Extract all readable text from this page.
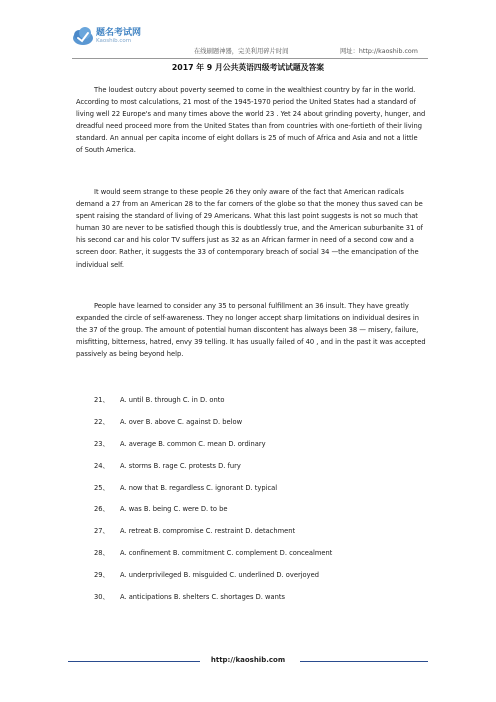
题名考试网
Kaoshib.com
在线刷题神器，完美利用碎片时间	网址：http://kaoshib.com
2017 年 9 月公共英语四级考试试题及答案

The loudest outcry about poverty seemed to come in the wealthiest country by far in the world. According to most calculations, 21 most of the 1945-1970 period the United States had a standard of living well 22 Europe's and many times above the world 23 . Yet 24 about grinding poverty, hunger, and dreadful need proceed more from the United States than from countries with one-fortieth of their living standard. An annual per capita income of eight dollars is 25 of much of Africa and Asia and not a little of South America.

It would seem strange to these people 26 they only aware of the fact that American radicals demand a 27 from an American 28 to the far corners of the globe so that the money thus saved can be spent raising the standard of living of 29 Americans. What this last point suggests is not so much that human 30 are never to be satisfied though this is doubtlessly true, and the American suburbanite 31 of his second car and his color TV suffers just as 32 as an African farmer in need of a second cow and a screen door. Rather, it suggests the 33 of contemporary breach of social 34 —the emancipation of the individual self.

People have learned to consider any 35 to personal fulfillment an 36 insult. They have greatly expanded the circle of self-awareness. They no longer accept sharp limitations on individual desires in the 37 of the group. The amount of potential human discontent has always been 38 — misery, failure, misfitting, bitterness, hatred, envy 39 telling. It has usually failed of 40 , and in the past it was accepted passively as being beyond help.

21、 A. until B. through C. in D. onto
22、 A. over B. above C. against D. below
23、 A. average B. common C. mean D. ordinary
24、 A. storms B. rage C. protests D. fury
25、 A. now that B. regardless C. ignorant D. typical
26、 A. was B. being C. were D. to be
27、 A. retreat B. compromise C. restraint D. detachment
28、 A. confinement B. commitment C. complement D. concealment
29、 A. underprivileged B. misguided C. underlined D. overjoyed
30、 A. anticipations B. shelters C. shortages D. wants
http://kaoshib.com
